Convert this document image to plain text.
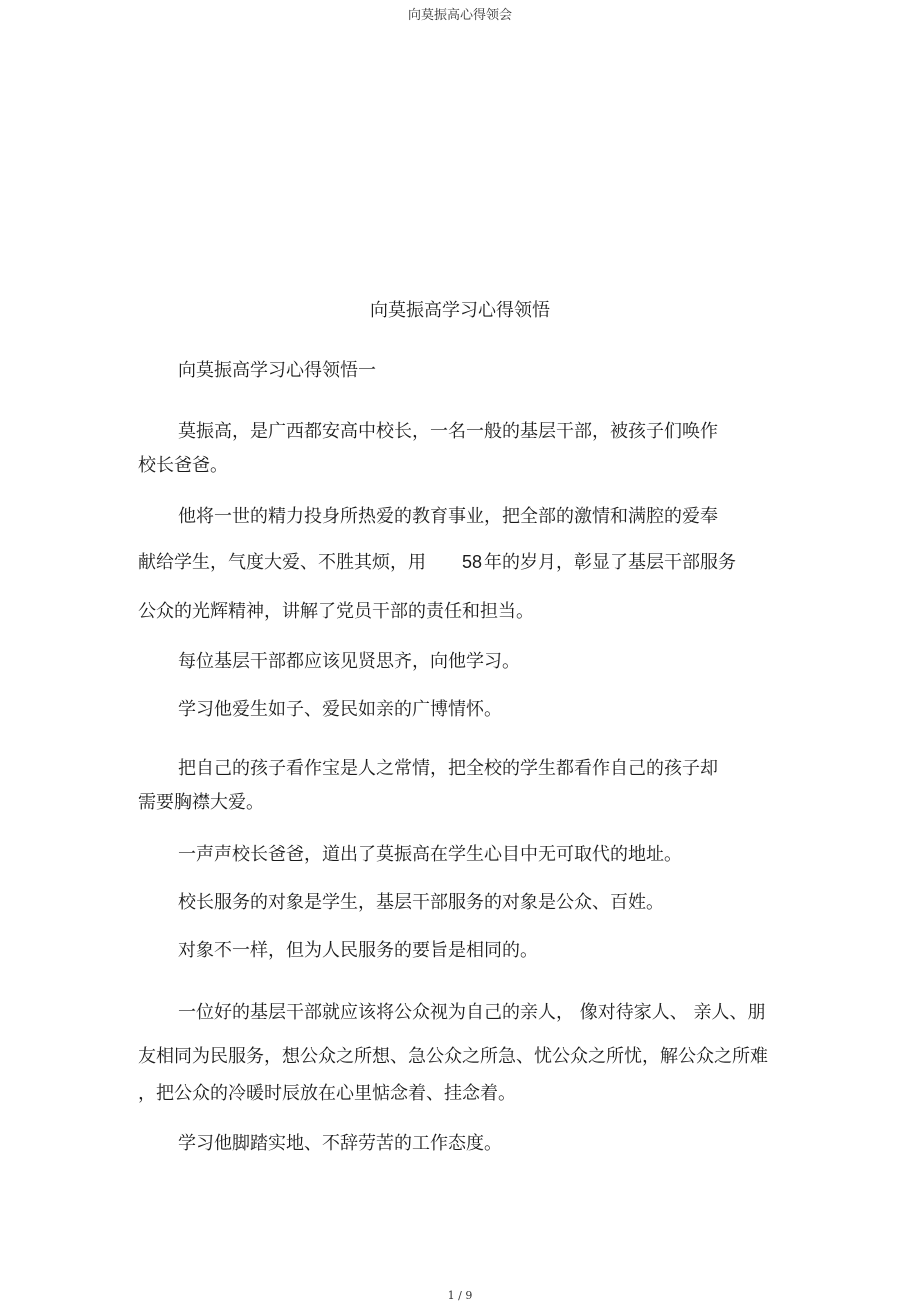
向莫振高心得领会
向莫振高学习心得领悟
向莫振高学习心得领悟一
莫振高，是广西都安高中校长，一名一般的基层干部，被孩子们唤作
校长爸爸。
他将一世的精力投身所热爱的教育事业，把全部的激情和满腔的爱奉
献给学生，气度大爱、不胜其烦，用 58 年的岁月，彰显了基层干部服务
公众的光辉精神，讲解了党员干部的责任和担当。
每位基层干部都应该见贤思齐，向他学习。
学习他爱生如子、爱民如亲的广博情怀。
把自己的孩子看作宝是人之常情，把全校的学生都看作自己的孩子却
需要胸襟大爱。
一声声校长爸爸，道出了莫振高在学生心目中无可取代的地址。
校长服务的对象是学生，基层干部服务的对象是公众、百姓。
对象不一样，但为人民服务的要旨是相同的。
一位好的基层干部就应该将公众视为自己的亲人， 像对待家人、 亲人、朋
友相同为民服务，想公众之所想、急公众之所急、忧公众之所忧，解公众之所难
，把公众的冷暖时辰放在心里惦念着、挂念着。
学习他脚踏实地、不辞劳苦的工作态度。
1 / 9
